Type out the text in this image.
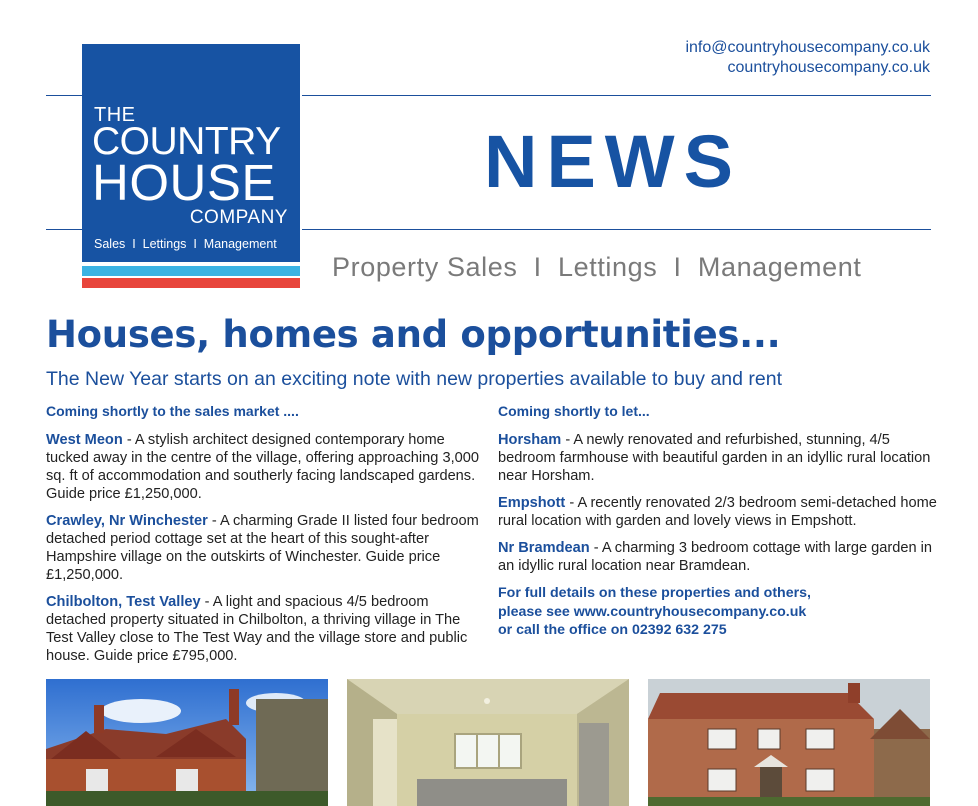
THE
COUNTRY
HOUSE
COMPANY
Sales  I  Lettings  I  Management
info@countryhousecompany.co.uk
countryhousecompany.co.uk
NEWS
Property Sales  I  Lettings  I  Management
Houses, homes and opportunities...
The New Year starts on an exciting note with new properties available to buy and rent
Coming shortly to the sales market ....
West Meon - A stylish architect designed contemporary home tucked away in the centre of the village, offering approaching 3,000 sq. ft of accommodation and southerly facing landscaped gardens. Guide price £1,250,000.
Crawley, Nr Winchester - A charming Grade II listed four bedroom detached period cottage set at the heart of this sought-after Hampshire village on the outskirts of Winchester. Guide price £1,250,000.
Chilbolton, Test Valley - A light and spacious 4/5 bedroom detached property situated in Chilbolton, a thriving village in The Test Valley close to The Test Way and the village store and public house. Guide price £795,000.
Coming shortly to let...
Horsham - A newly renovated and refurbished, stunning, 4/5 bedroom farmhouse with beautiful garden in an idyllic rural location near Horsham.
Empshott - A recently renovated 2/3 bedroom semi-detached home rural location with garden and lovely views in Empshott.
Nr Bramdean - A charming 3 bedroom cottage with large garden in an idyllic rural location near Bramdean.
For full details on these properties and others,
please see www.countryhousecompany.co.uk
or call the office on 02392 632 275
